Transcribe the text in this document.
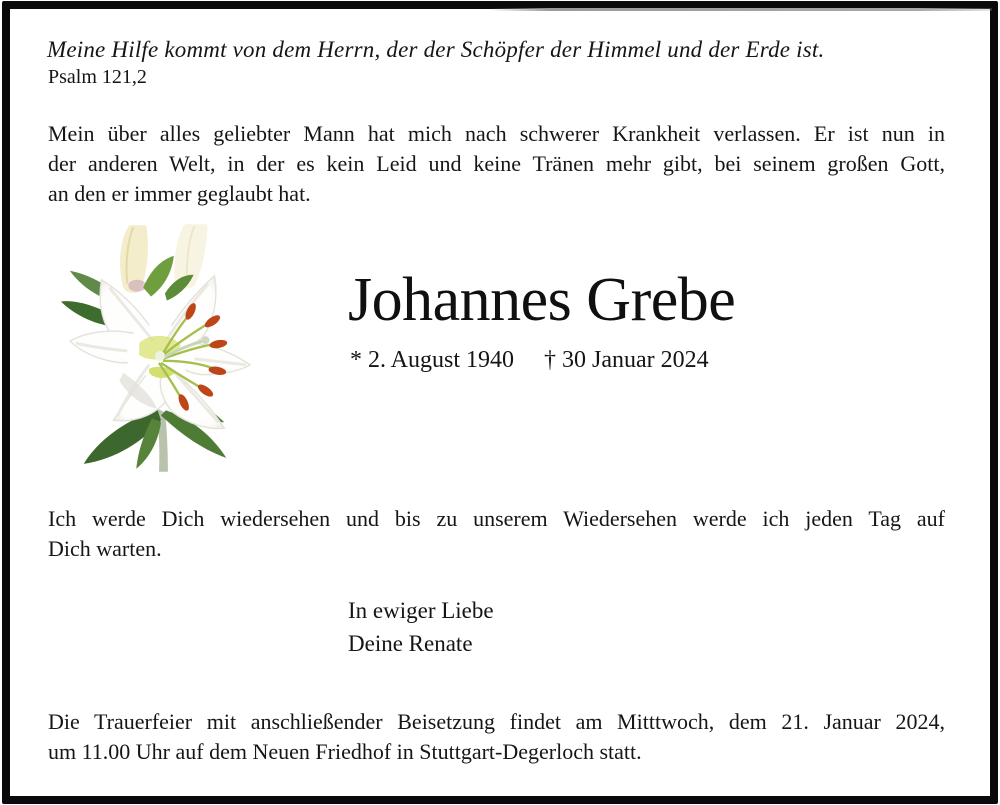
Meine Hilfe kommt von dem Herrn, der der Schöpfer der Himmel und der Erde ist.
Psalm 121,2
Mein über alles geliebter Mann hat mich nach schwerer Krankheit verlassen. Er ist nun in
der anderen Welt, in der es kein Leid und keine Tränen mehr gibt, bei seinem großen Gott,
an den er immer geglaubt hat.
Johannes Grebe
* 2. August 1940 † 30 Januar 2024
Ich werde Dich wiedersehen und bis zu unserem Wiedersehen werde ich jeden Tag auf
Dich warten.
In ewiger Liebe
Deine Renate
Die Trauerfeier mit anschließender Beisetzung findet am Mitttwoch, dem 21. Januar 2024,
um 11.00 Uhr auf dem Neuen Friedhof in Stuttgart-Degerloch statt.
